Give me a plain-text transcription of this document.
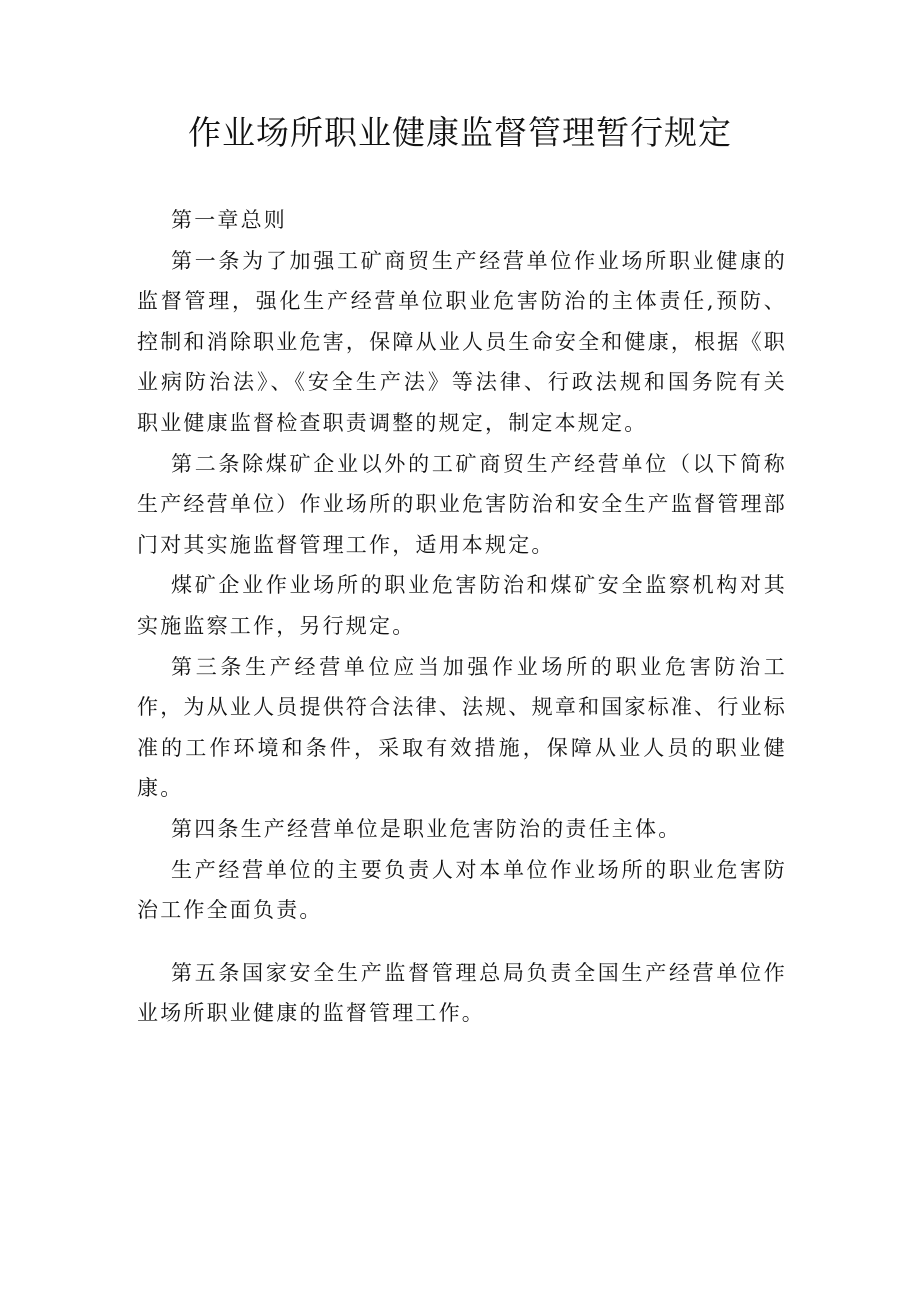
作业场所职业健康监督管理暂行规定

第一章总则

第一条为了加强工矿商贸生产经营单位作业场所职业健康的监督管理，强化生产经营单位职业危害防治的主体责任,预防、控制和消除职业危害，保障从业人员生命安全和健康，根据《职业病防治法》、《安全生产法》等法律、行政法规和国务院有关职业健康监督检查职责调整的规定，制定本规定。

第二条除煤矿企业以外的工矿商贸生产经营单位（以下简称生产经营单位）作业场所的职业危害防治和安全生产监督管理部门对其实施监督管理工作，适用本规定。

煤矿企业作业场所的职业危害防治和煤矿安全监察机构对其实施监察工作，另行规定。

第三条生产经营单位应当加强作业场所的职业危害防治工作，为从业人员提供符合法律、法规、规章和国家标准、行业标准的工作环境和条件，采取有效措施，保障从业人员的职业健康。

第四条生产经营单位是职业危害防治的责任主体。

生产经营单位的主要负责人对本单位作业场所的职业危害防治工作全面负责。

第五条国家安全生产监督管理总局负责全国生产经营单位作业场所职业健康的监督管理工作。
